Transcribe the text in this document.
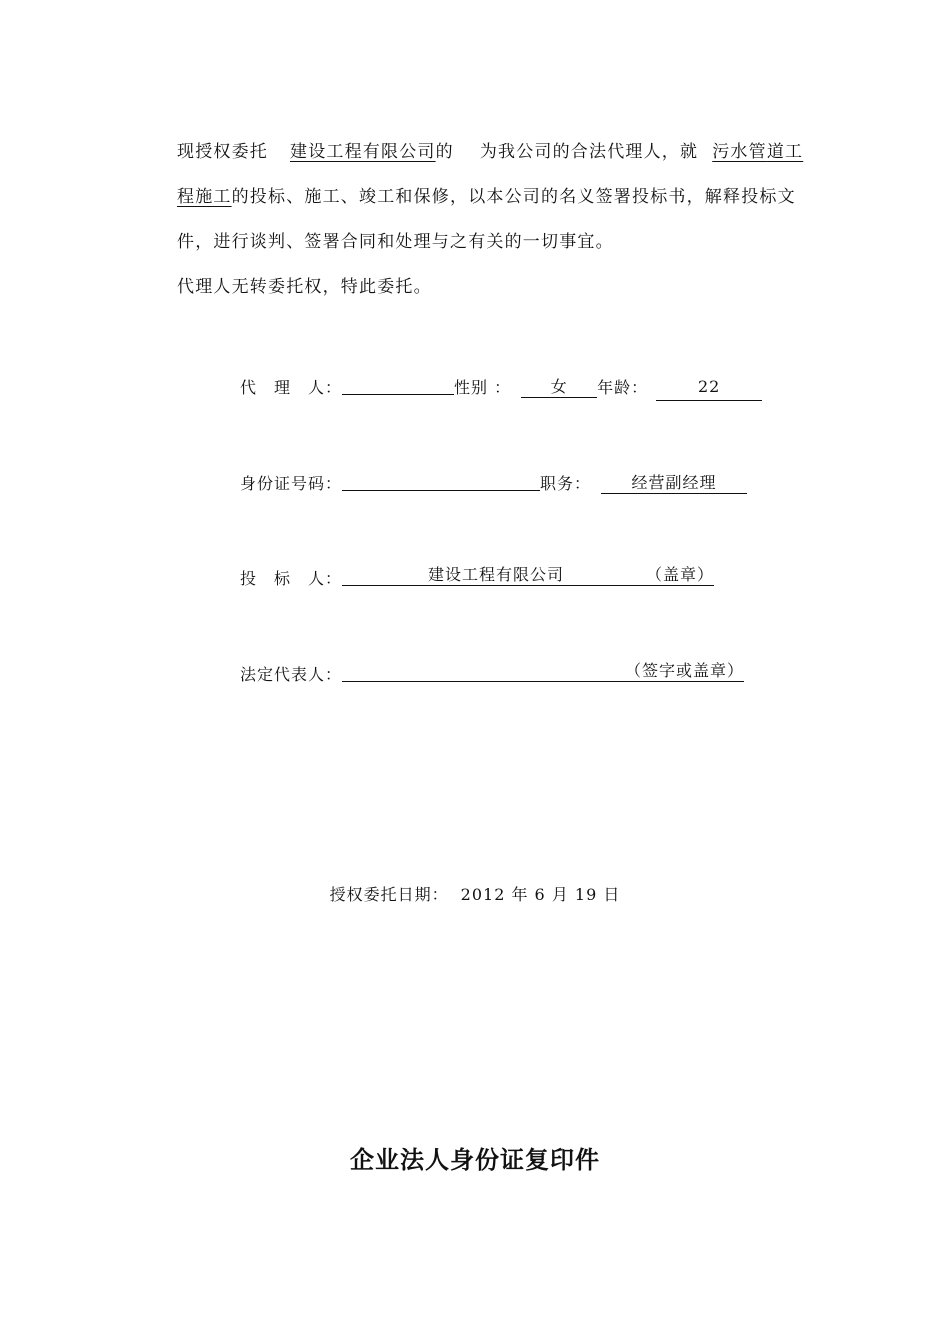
现授权委托 建设工程有限公司的 为我公司的合法代理人，就 污水管道工程施工的投标、施工、竣工和保修，以本公司的名义签署投标书，解释投标文件，进行谈判、签署合同和处理与之有关的一切事宜。
代理人无转委托权，特此委托。
代　理　人：	性别 ： 女 年龄：	22
身份证号码：	职务：	经营副经理
投　标　人：	建设工程有限公司	（盖章）
法定代表人：	（签字或盖章）
授权委托日期： 2012 年 6 月 19 日
企业法人身份证复印件
